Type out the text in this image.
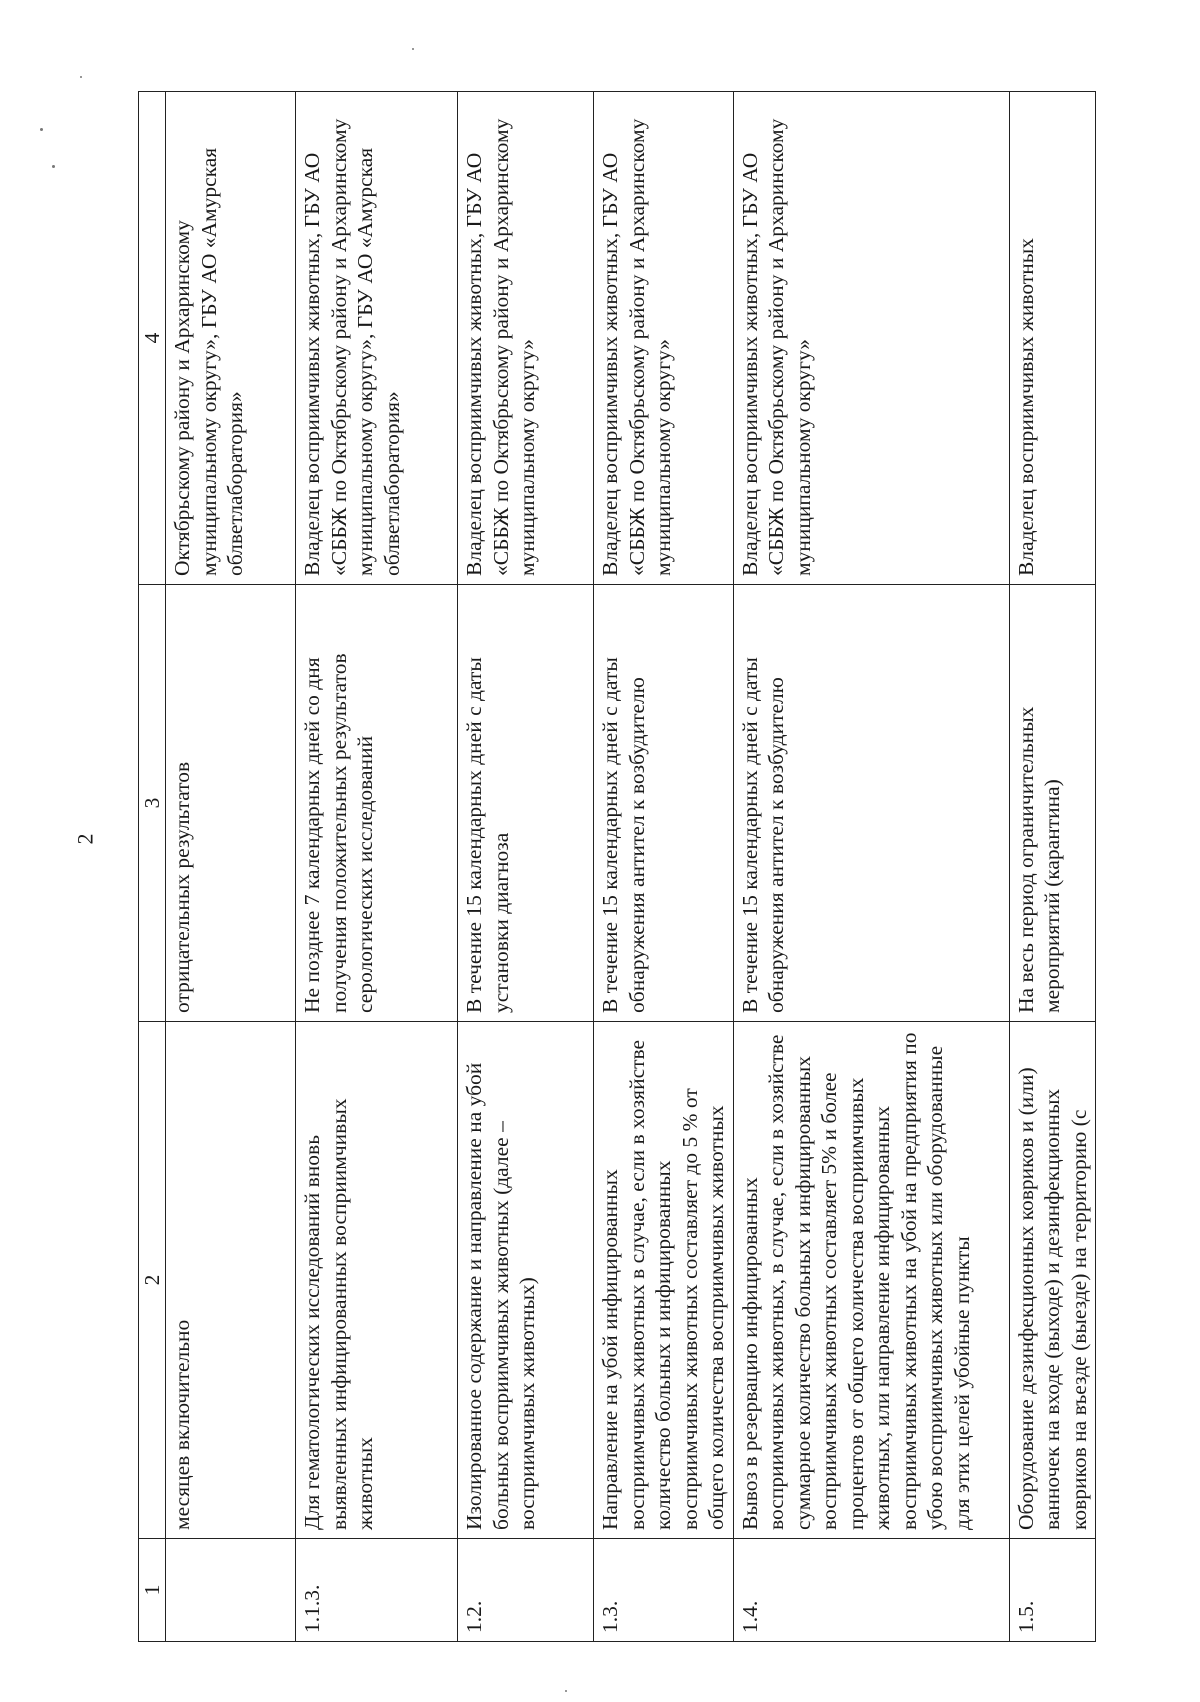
2
1	2	3	4
	месяцев включительно	отрицательных результатов	Октябрьскому району и Архаринскому муниципальному округу», ГБУ АО «Амурская облветлаборатория»
1.1.3.	Для гематологических исследований вновь выявленных инфицированных восприимчивых животных	Не позднее 7 календарных дней со дня получения положительных результатов серологических исследований	Владелец восприимчивых животных, ГБУ АО «СББЖ по Октябрьскому району и Архаринскому муниципальному округу», ГБУ АО «Амурская облветлаборатория»
1.2.	Изолированное содержание и направление на убой больных восприимчивых животных (далее – восприимчивых животных)	В течение 15 календарных дней с даты установки диагноза	Владелец восприимчивых животных, ГБУ АО «СББЖ по Октябрьскому району и Архаринскому муниципальному округу»
1.3.	Направление на убой инфицированных восприимчивых животных в случае, если в хозяйстве количество больных и инфицированных восприимчивых животных составляет до 5 % от общего количества восприимчивых животных	В течение 15 календарных дней с даты обнаружения антител к возбудителю	Владелец восприимчивых животных, ГБУ АО «СББЖ по Октябрьскому району и Архаринскому муниципальному округу»
1.4.	Вывоз в резервацию инфицированных восприимчивых животных, в случае, если в хозяйстве суммарное количество больных и инфицированных восприимчивых животных составляет 5% и более процентов от общего количества восприимчивых животных, или направление инфицированных восприимчивых животных на убой на предприятия по убою восприимчивых животных или оборудованные для этих целей убойные пункты	В течение 15 календарных дней с даты обнаружения антител к возбудителю	Владелец восприимчивых животных, ГБУ АО «СББЖ по Октябрьскому району и Архаринскому муниципальному округу»
1.5.	Оборудование дезинфекционных ковриков и (или) ванночек на входе (выходе) и дезинфекционных ковриков на въезде (выезде) на территорию (с	На весь период ограничительных мероприятий (карантина)	Владелец восприимчивых животных
